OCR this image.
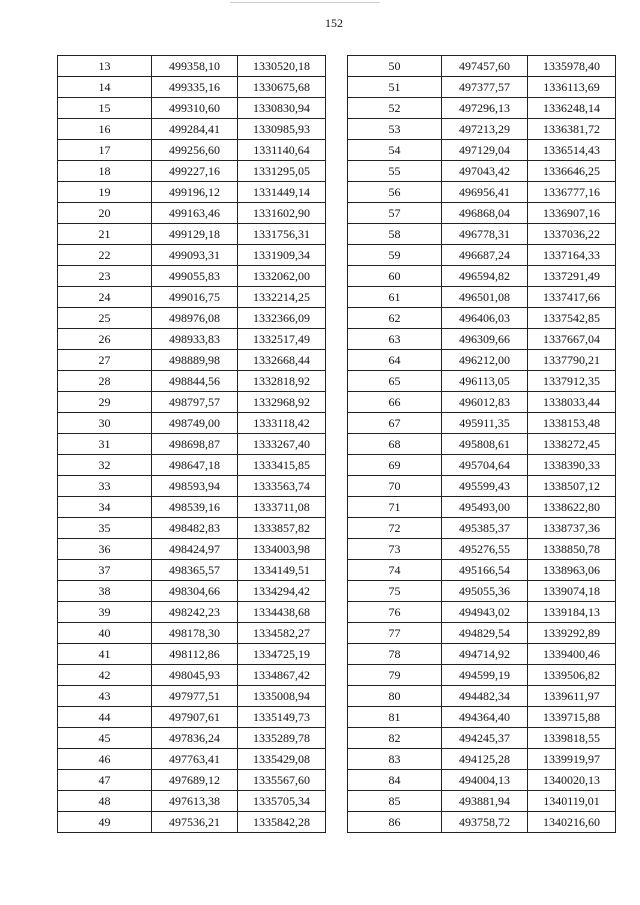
152
13	499358,10	1330520,18
14	499335,16	1330675,68
15	499310,60	1330830,94
16	499284,41	1330985,93
17	499256,60	1331140,64
18	499227,16	1331295,05
19	499196,12	1331449,14
20	499163,46	1331602,90
21	499129,18	1331756,31
22	499093,31	1331909,34
23	499055,83	1332062,00
24	499016,75	1332214,25
25	498976,08	1332366,09
26	498933,83	1332517,49
27	498889,98	1332668,44
28	498844,56	1332818,92
29	498797,57	1332968,92
30	498749,00	1333118,42
31	498698,87	1333267,40
32	498647,18	1333415,85
33	498593,94	1333563,74
34	498539,16	1333711,08
35	498482,83	1333857,82
36	498424,97	1334003,98
37	498365,57	1334149,51
38	498304,66	1334294,42
39	498242,23	1334438,68
40	498178,30	1334582,27
41	498112,86	1334725,19
42	498045,93	1334867,42
43	497977,51	1335008,94
44	497907,61	1335149,73
45	497836,24	1335289,78
46	497763,41	1335429,08
47	497689,12	1335567,60
48	497613,38	1335705,34
49	497536,21	1335842,28
50	497457,60	1335978,40
51	497377,57	1336113,69
52	497296,13	1336248,14
53	497213,29	1336381,72
54	497129,04	1336514,43
55	497043,42	1336646,25
56	496956,41	1336777,16
57	496868,04	1336907,16
58	496778,31	1337036,22
59	496687,24	1337164,33
60	496594,82	1337291,49
61	496501,08	1337417,66
62	496406,03	1337542,85
63	496309,66	1337667,04
64	496212,00	1337790,21
65	496113,05	1337912,35
66	496012,83	1338033,44
67	495911,35	1338153,48
68	495808,61	1338272,45
69	495704,64	1338390,33
70	495599,43	1338507,12
71	495493,00	1338622,80
72	495385,37	1338737,36
73	495276,55	1338850,78
74	495166,54	1338963,06
75	495055,36	1339074,18
76	494943,02	1339184,13
77	494829,54	1339292,89
78	494714,92	1339400,46
79	494599,19	1339506,82
80	494482,34	1339611,97
81	494364,40	1339715,88
82	494245,37	1339818,55
83	494125,28	1339919,97
84	494004,13	1340020,13
85	493881,94	1340119,01
86	493758,72	1340216,60
